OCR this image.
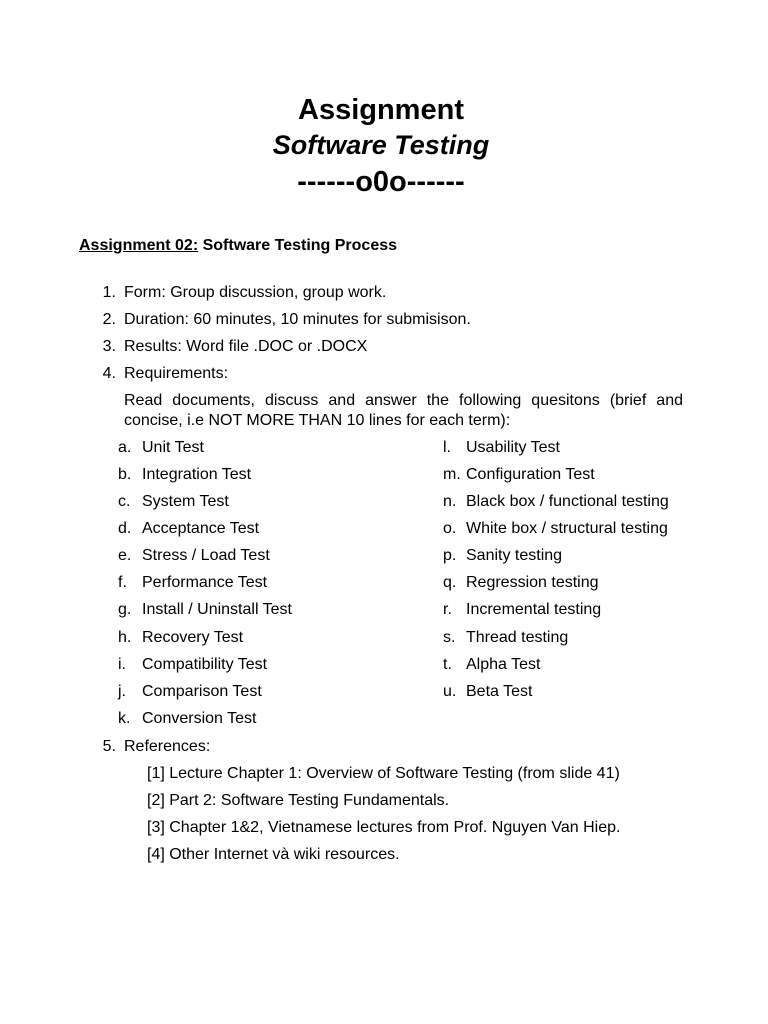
Assignment
Software Testing
------o0o------
Assignment 02: Software Testing Process
1. Form: Group discussion, group work.
2. Duration: 60 minutes, 10 minutes for submisison.
3. Results: Word file .DOC or .DOCX
4. Requirements:
Read documents, discuss and answer the following quesitons (brief and concise, i.e NOT MORE THAN 10 lines for each term):
a. Unit Test
b. Integration Test
c. System Test
d. Acceptance Test
e. Stress / Load Test
f. Performance Test
g. Install / Uninstall Test
h. Recovery Test
i. Compatibility Test
j. Comparison Test
k. Conversion Test
l. Usability Test
m. Configuration Test
n. Black box / functional testing
o. White box / structural testing
p. Sanity testing
q. Regression testing
r. Incremental testing
s. Thread testing
t. Alpha Test
u. Beta Test
5. References:
[1] Lecture Chapter 1: Overview of Software Testing (from slide 41)
[2] Part 2: Software Testing Fundamentals.
[3] Chapter 1&2, Vietnamese lectures from Prof. Nguyen Van Hiep.
[4] Other Internet và wiki resources.
